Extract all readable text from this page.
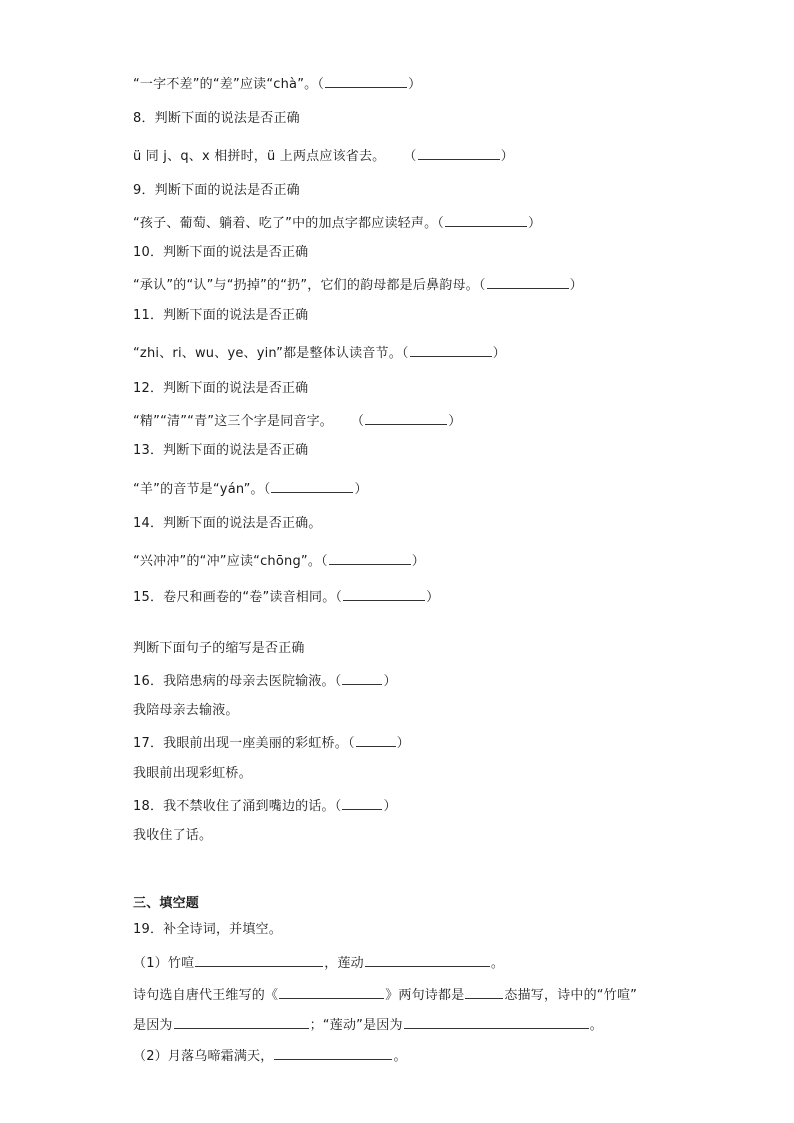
“一字不差”的“差”应读“chà”。（	）
8．判断下面的说法是否正确
ü 同 j、q、x 相拼时，ü 上两点应该省去。 （	）
9．判断下面的说法是否正确
“孩子、葡萄、躺着、吃了”中的加点字都应读轻声。（	）
10．判断下面的说法是否正确
“承认”的“认”与“扔掉”的“扔”，它们的韵母都是后鼻韵母。（	）
11．判断下面的说法是否正确
“zhi、ri、wu、ye、yin”都是整体认读音节。（	）
12．判断下面的说法是否正确
“精”“清”“青”这三个字是同音字。 （	）
13．判断下面的说法是否正确
“羊”的音节是“yán”。（	）
14．判断下面的说法是否正确。
“兴冲冲”的“冲”应读“chōng”。（	）
15．卷尺和画卷的“卷”读音相同。（	）
判断下面句子的缩写是否正确
16．我陪患病的母亲去医院输液。（	）
我陪母亲去输液。
17．我眼前出现一座美丽的彩虹桥。（	）
我眼前出现彩虹桥。
18．我不禁收住了涌到嘴边的话。（	）
我收住了话。
三、填空题
19．补全诗词，并填空。
（1）竹喧	，莲动	。
诗句选自唐代王维写的《	》两句诗都是	态描写，诗中的“竹喧”
是因为	；“莲动”是因为	。
（2）月落乌啼霜满天，	。
